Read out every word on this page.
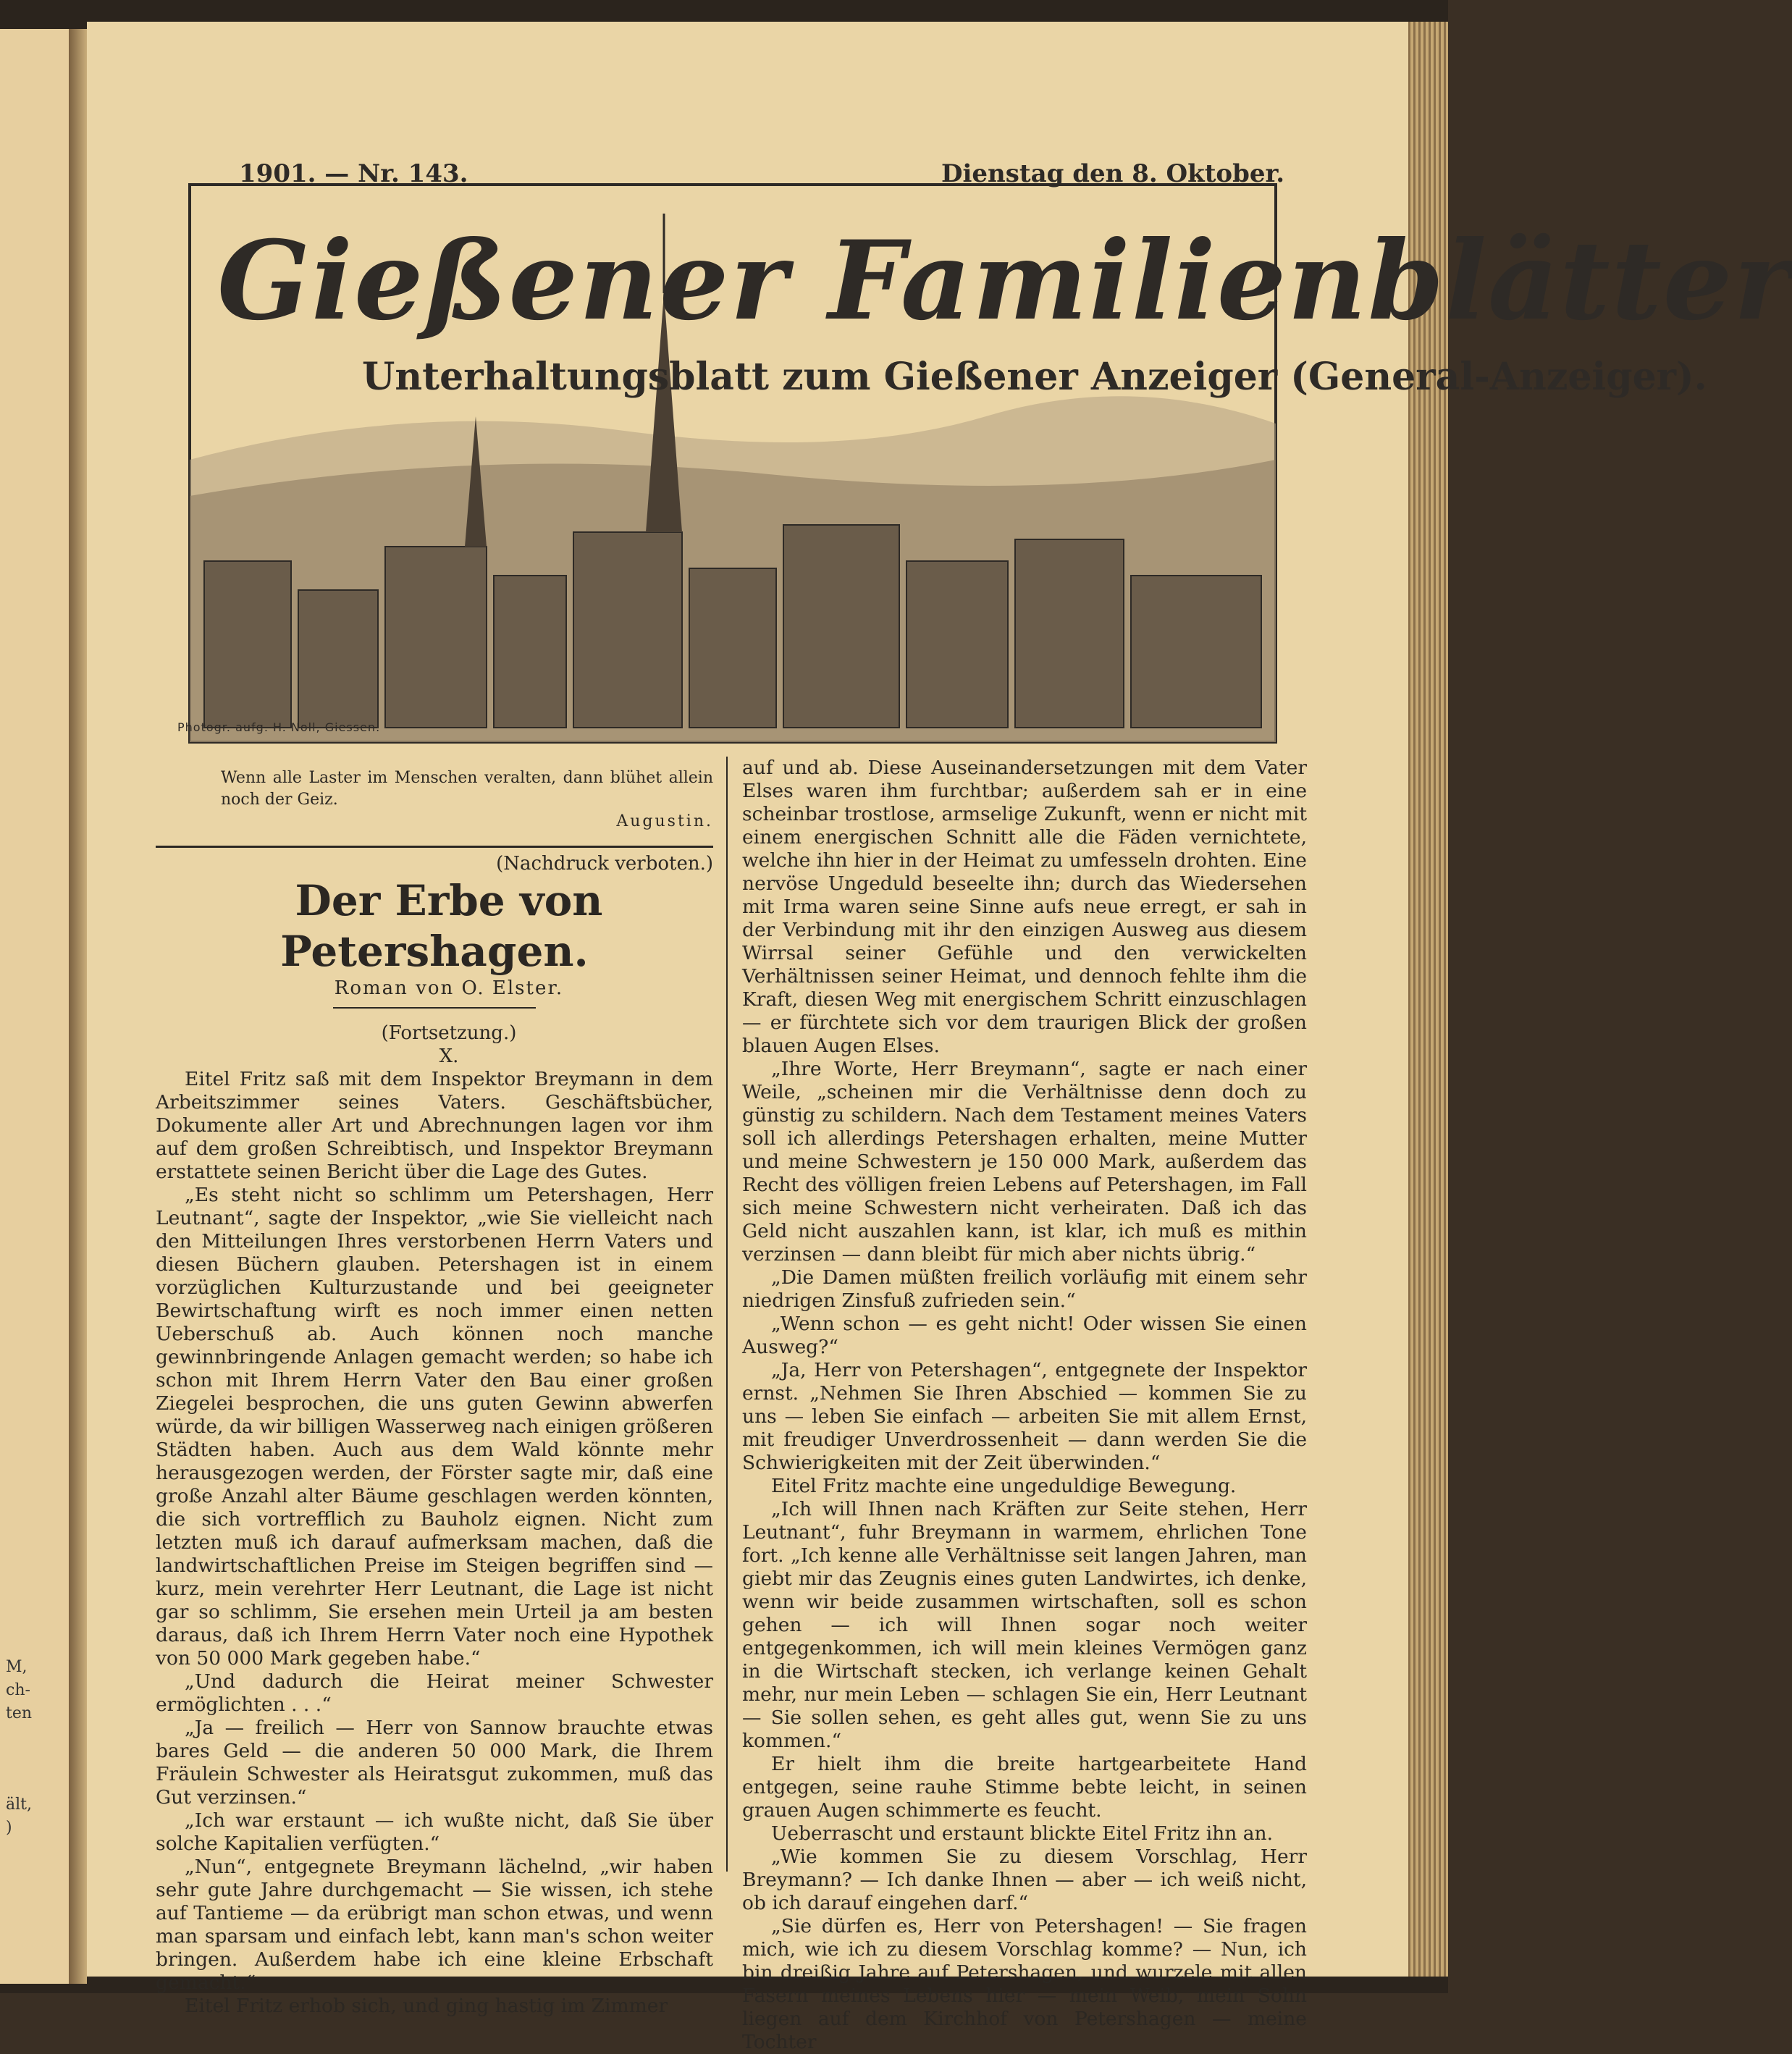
M,
ch-
ten
ält,
)
1901. — Nr. 143.	Dienstag den 8. Oktober.
Gießener Familienblätter
Unterhaltungsblatt zum Gießener Anzeiger (General-Anzeiger).
Photogr. aufg. H. Noll, Giessen.
Wenn alle Laster im Menschen veralten, dann blühet allein noch der Geiz.
Augustin.

(Nachdruck verboten.)

Der Erbe von Petershagen.

Roman von O. Elster.

(Fortsetzung.)

X.

Eitel Fritz saß mit dem Inspektor Breymann in dem Arbeitszimmer seines Vaters. Geschäftsbücher, Dokumente aller Art und Abrechnungen lagen vor ihm auf dem großen Schreibtisch, und Inspektor Breymann erstattete seinen Bericht über die Lage des Gutes.

„Es steht nicht so schlimm um Petershagen, Herr Leutnant“, sagte der Inspektor, „wie Sie vielleicht nach den Mitteilungen Ihres verstorbenen Herrn Vaters und diesen Büchern glauben. Petershagen ist in einem vorzüglichen Kulturzustande und bei geeigneter Bewirtschaftung wirft es noch immer einen netten Ueberschuß ab. Auch können noch manche gewinnbringende Anlagen gemacht werden; so habe ich schon mit Ihrem Herrn Vater den Bau einer großen Ziegelei besprochen, die uns guten Gewinn abwerfen würde, da wir billigen Wasserweg nach einigen größeren Städten haben. Auch aus dem Wald könnte mehr herausgezogen werden, der Förster sagte mir, daß eine große Anzahl alter Bäume geschlagen werden könnten, die sich vortrefflich zu Bauholz eignen. Nicht zum letzten muß ich darauf aufmerksam machen, daß die landwirtschaftlichen Preise im Steigen begriffen sind — kurz, mein verehrter Herr Leutnant, die Lage ist nicht gar so schlimm, Sie ersehen mein Urteil ja am besten daraus, daß ich Ihrem Herrn Vater noch eine Hypothek von 50 000 Mark gegeben habe.“

„Und dadurch die Heirat meiner Schwester ermöglichten . . .“

„Ja — freilich — Herr von Sannow brauchte etwas bares Geld — die anderen 50 000 Mark, die Ihrem Fräulein Schwester als Heiratsgut zukommen, muß das Gut verzinsen.“

„Ich war erstaunt — ich wußte nicht, daß Sie über solche Kapitalien verfügten.“

„Nun“, entgegnete Breymann lächelnd, „wir haben sehr gute Jahre durchgemacht — Sie wissen, ich stehe auf Tantieme — da erübrigt man schon etwas, und wenn man sparsam und einfach lebt, kann man's schon weiter bringen. Außerdem habe ich eine kleine Erbschaft gemacht.“

Eitel Fritz erhob sich, und ging hastig im Zimmer

auf und ab. Diese Auseinandersetzungen mit dem Vater Elses waren ihm furchtbar; außerdem sah er in eine scheinbar trostlose, armselige Zukunft, wenn er nicht mit einem energischen Schnitt alle die Fäden vernichtete, welche ihn hier in der Heimat zu umfesseln drohten. Eine nervöse Ungeduld beseelte ihn; durch das Wiedersehen mit Irma waren seine Sinne aufs neue erregt, er sah in der Verbindung mit ihr den einzigen Ausweg aus diesem Wirrsal seiner Gefühle und den verwickelten Verhältnissen seiner Heimat, und dennoch fehlte ihm die Kraft, diesen Weg mit energischem Schritt einzuschlagen — er fürchtete sich vor dem traurigen Blick der großen blauen Augen Elses.

„Ihre Worte, Herr Breymann“, sagte er nach einer Weile, „scheinen mir die Verhältnisse denn doch zu günstig zu schildern. Nach dem Testament meines Vaters soll ich allerdings Petershagen erhalten, meine Mutter und meine Schwestern je 150 000 Mark, außerdem das Recht des völligen freien Lebens auf Petershagen, im Fall sich meine Schwestern nicht verheiraten. Daß ich das Geld nicht auszahlen kann, ist klar, ich muß es mithin verzinsen — dann bleibt für mich aber nichts übrig.“

„Die Damen müßten freilich vorläufig mit einem sehr niedrigen Zinsfuß zufrieden sein.“

„Wenn schon — es geht nicht! Oder wissen Sie einen Ausweg?“

„Ja, Herr von Petershagen“, entgegnete der Inspektor ernst. „Nehmen Sie Ihren Abschied — kommen Sie zu uns — leben Sie einfach — arbeiten Sie mit allem Ernst, mit freudiger Unverdrossenheit — dann werden Sie die Schwierigkeiten mit der Zeit überwinden.“

Eitel Fritz machte eine ungeduldige Bewegung.

„Ich will Ihnen nach Kräften zur Seite stehen, Herr Leutnant“, fuhr Breymann in warmem, ehrlichen Tone fort. „Ich kenne alle Verhältnisse seit langen Jahren, man giebt mir das Zeugnis eines guten Landwirtes, ich denke, wenn wir beide zusammen wirtschaften, soll es schon gehen — ich will Ihnen sogar noch weiter entgegenkommen, ich will mein kleines Vermögen ganz in die Wirtschaft stecken, ich verlange keinen Gehalt mehr, nur mein Leben — schlagen Sie ein, Herr Leutnant — Sie sollen sehen, es geht alles gut, wenn Sie zu uns kommen.“

Er hielt ihm die breite hartgearbeitete Hand entgegen, seine rauhe Stimme bebte leicht, in seinen grauen Augen schimmerte es feucht.

Ueberrascht und erstaunt blickte Eitel Fritz ihn an.

„Wie kommen Sie zu diesem Vorschlag, Herr Breymann? — Ich danke Ihnen — aber — ich weiß nicht, ob ich darauf eingehen darf.“

„Sie dürfen es, Herr von Petershagen! — Sie fragen mich, wie ich zu diesem Vorschlag komme? — Nun, ich bin dreißig Jahre auf Petershagen, und wurzele mit allen Fasern meines Lebens hier — mein Weib, mein Sohn liegen auf dem Kirchhof von Petershagen — meine Tochter
